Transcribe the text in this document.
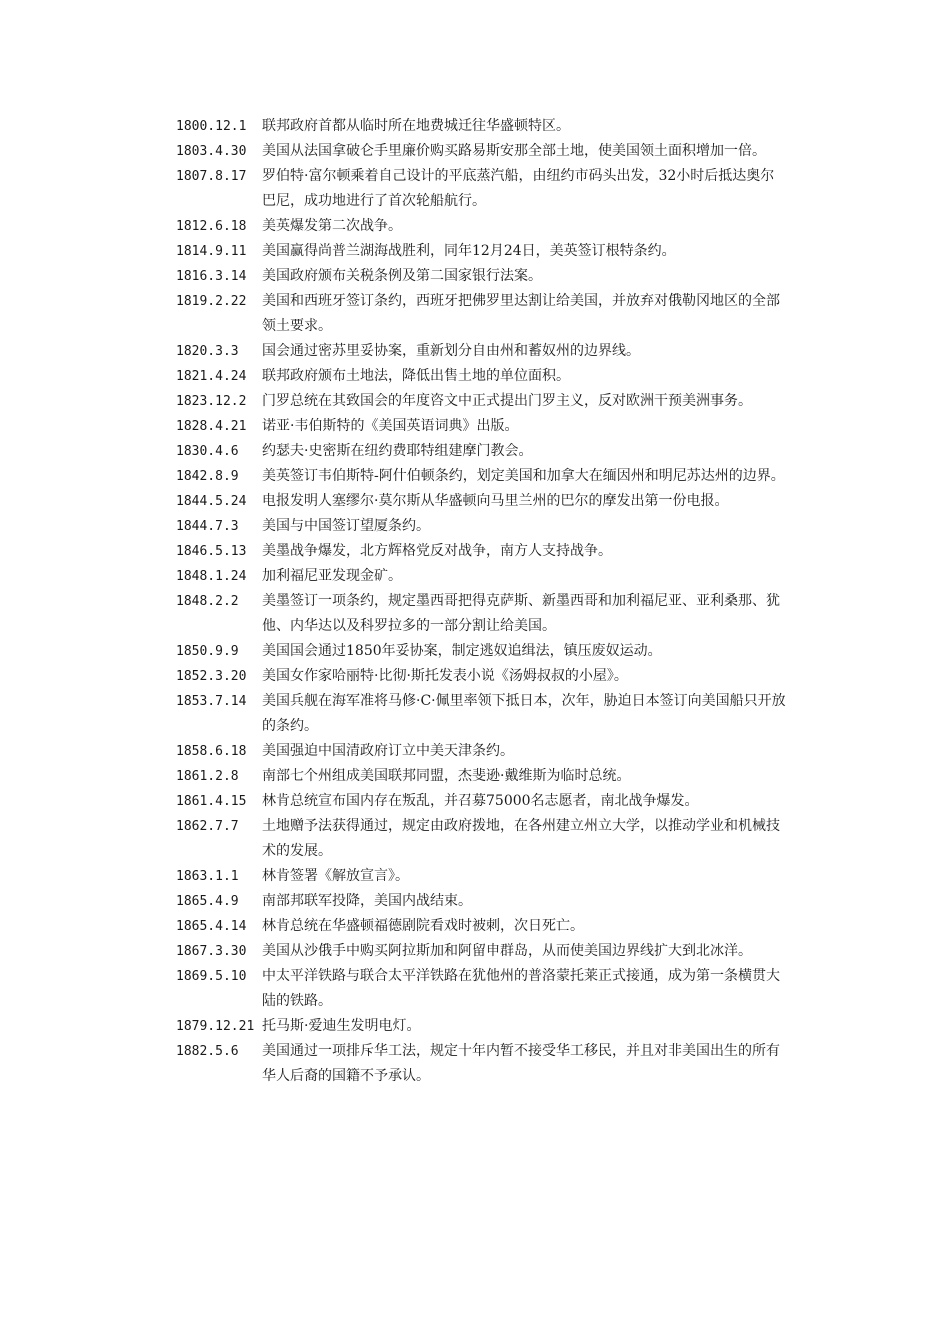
1800.12.1	联邦政府首都从临时所在地费城迁往华盛顿特区。
1803.4.30	美国从法国拿破仑手里廉价购买路易斯安那全部土地，使美国领土面积增加一倍。
1807.8.17	罗伯特·富尔顿乘着自己设计的平底蒸汽船，由纽约市码头出发，32小时后抵达奥尔巴尼，成功地进行了首次轮船航行。
1812.6.18	美英爆发第二次战争。
1814.9.11	美国赢得尚普兰湖海战胜利，同年12月24日，美英签订根特条约。
1816.3.14	美国政府颁布关税条例及第二国家银行法案。
1819.2.22	美国和西班牙签订条约，西班牙把佛罗里达割让给美国，并放弃对俄勒冈地区的全部领土要求。
1820.3.3	国会通过密苏里妥协案，重新划分自由州和蓄奴州的边界线。
1821.4.24	联邦政府颁布土地法，降低出售土地的单位面积。
1823.12.2	门罗总统在其致国会的年度咨文中正式提出门罗主义，反对欧洲干预美洲事务。
1828.4.21	诺亚·韦伯斯特的《美国英语词典》出版。
1830.4.6	约瑟夫·史密斯在纽约费耶特组建摩门教会。
1842.8.9	美英签订韦伯斯特-阿什伯顿条约，划定美国和加拿大在缅因州和明尼苏达州的边界。
1844.5.24	电报发明人塞缪尔·莫尔斯从华盛顿向马里兰州的巴尔的摩发出第一份电报。
1844.7.3	美国与中国签订望厦条约。
1846.5.13	美墨战争爆发，北方辉格党反对战争，南方人支持战争。
1848.1.24	加利福尼亚发现金矿。
1848.2.2	美墨签订一项条约，规定墨西哥把得克萨斯、新墨西哥和加利福尼亚、亚利桑那、犹他、内华达以及科罗拉多的一部分割让给美国。
1850.9.9	美国国会通过1850年妥协案，制定逃奴追缉法，镇压废奴运动。
1852.3.20	美国女作家哈丽特·比彻·斯托发表小说《汤姆叔叔的小屋》。
1853.7.14	美国兵舰在海军准将马修·C·佩里率领下抵日本，次年，胁迫日本签订向美国船只开放的条约。
1858.6.18	美国强迫中国清政府订立中美天津条约。
1861.2.8	南部七个州组成美国联邦同盟，杰斐逊·戴维斯为临时总统。
1861.4.15	林肯总统宣布国内存在叛乱，并召募75000名志愿者，南北战争爆发。
1862.7.7	土地赠予法获得通过，规定由政府拨地，在各州建立州立大学，以推动学业和机械技术的发展。
1863.1.1	林肯签署《解放宣言》。
1865.4.9	南部邦联军投降，美国内战结束。
1865.4.14	林肯总统在华盛顿福德剧院看戏时被刺，次日死亡。
1867.3.30	美国从沙俄手中购买阿拉斯加和阿留申群岛，从而使美国边界线扩大到北冰洋。
1869.5.10	中太平洋铁路与联合太平洋铁路在犹他州的普洛蒙托莱正式接通，成为第一条横贯大陆的铁路。
1879.12.21 托马斯·爱迪生发明电灯。
1882.5.6	美国通过一项排斥华工法，规定十年内暂不接受华工移民，并且对非美国出生的所有华人后裔的国籍不予承认。
